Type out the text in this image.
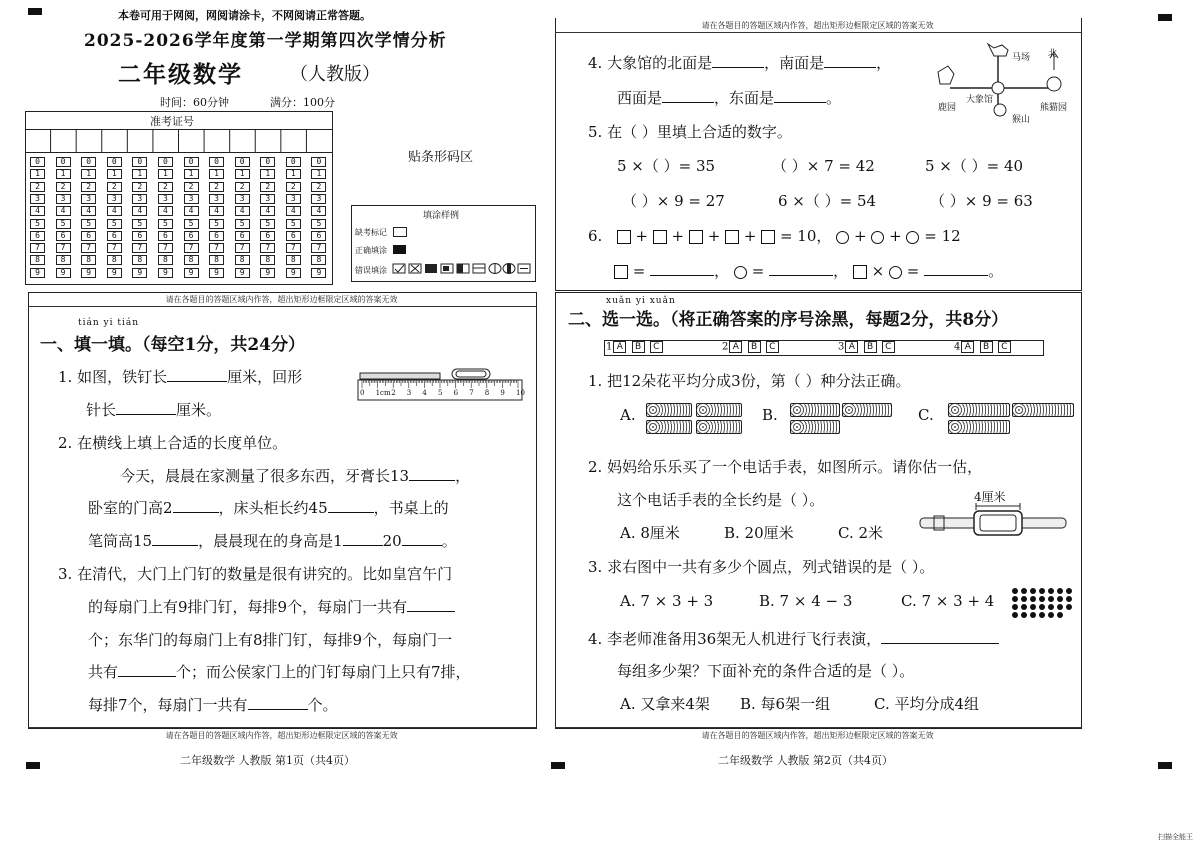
本卷可用于网阅，网阅请涂卡，不网阅请正常答题。
2025-2026学年度第一学期第四次学情分析
二年级数学	（人教版）
时间：60分钟	满分：100分
准考证号
0	0	0	0	0	0	0	0	0	0	0	0
1	1	1	1	1	1	1	1	1	1	1	1
2	2	2	2	2	2	2	2	2	2	2	2
3	3	3	3	3	3	3	3	3	3	3	3
4	4	4	4	4	4	4	4	4	4	4	4
5	5	5	5	5	5	5	5	5	5	5	5
6	6	6	6	6	6	6	6	6	6	6	6
7	7	7	7	7	7	7	7	7	7	7	7
8	8	8	8	8	8	8	8	8	8	8	8
9	9	9	9	9	9	9	9	9	9	9	9
贴条形码区
填涂样例
缺考标记
正确填涂
错误填涂
请在各题目的答题区域内作答，超出矩形边框限定区域的答案无效
tián yi tián
一、填一填。（每空1分，共24分）
1. 如图，铁钉长	厘米，回形
针长	厘米。
0 1cm 2 3 4 5 6 7 8 9 10
2. 在横线上填上合适的长度单位。
今天，晨晨在家测量了很多东西，牙膏长13	，
卧室的门高2	，床头柜长约45	，书桌上的
笔筒高15	，晨晨现在的身高是1	20	。
3. 在清代，大门上门钉的数量是很有讲究的。比如皇宫午门
的每扇门上有9排门钉，每排9个，每扇门一共有
个；东华门的每扇门上有8排门钉，每排9个，每扇门一
共有	个；而公侯家门上的门钉每扇门上只有7排，
每排7个，每扇门一共有	个。
请在各题目的答题区域内作答，超出矩形边框限定区域的答案无效
二年级数学 人教版 第1页（共4页）
请在各题目的答题区域内作答，超出矩形边框限定区域的答案无效
4. 大象馆的北面是	，南面是	，
西面是	，东面是	。
北
马场
大象馆
鹿园	熊猫园
猴山
5. 在（ ）里填上合适的数字。
5 ×（ ）= 35	（ ）× 7 = 42	5 ×（ ）= 40
（ ）× 9 = 27	6 ×（ ）= 54	（ ）× 9 = 63
6. + + + + = 10， + + = 12
=	， =	， × =	。
xuǎn yi xuǎn
二、选一选。（将正确答案的序号涂黑，每题2分，共8分）
1 A B C	2 A B C	3 A B C	4 A B C
1. 把12朵花平均分成3份，第（ ）种分法正确。
A.	B.	C.
2. 妈妈给乐乐买了一个电话手表，如图所示。请你估一估，
这个电话手表的全长约是（ ）。	4厘米
A. 8厘米	B. 20厘米	C. 2米
3. 求右图中一共有多少个圆点，列式错误的是（ ）。
A. 7 × 3 + 3	B. 7 × 4 − 3	C. 7 × 3 + 4
4. 李老师准备用36架无人机进行飞行表演，
每组多少架？下面补充的条件合适的是（ ）。
A. 又拿来4架 B. 每6架一组	C. 平均分成4组
请在各题目的答题区域内作答，超出矩形边框限定区域的答案无效
二年级数学 人教版 第2页（共4页）
扫描全能王
